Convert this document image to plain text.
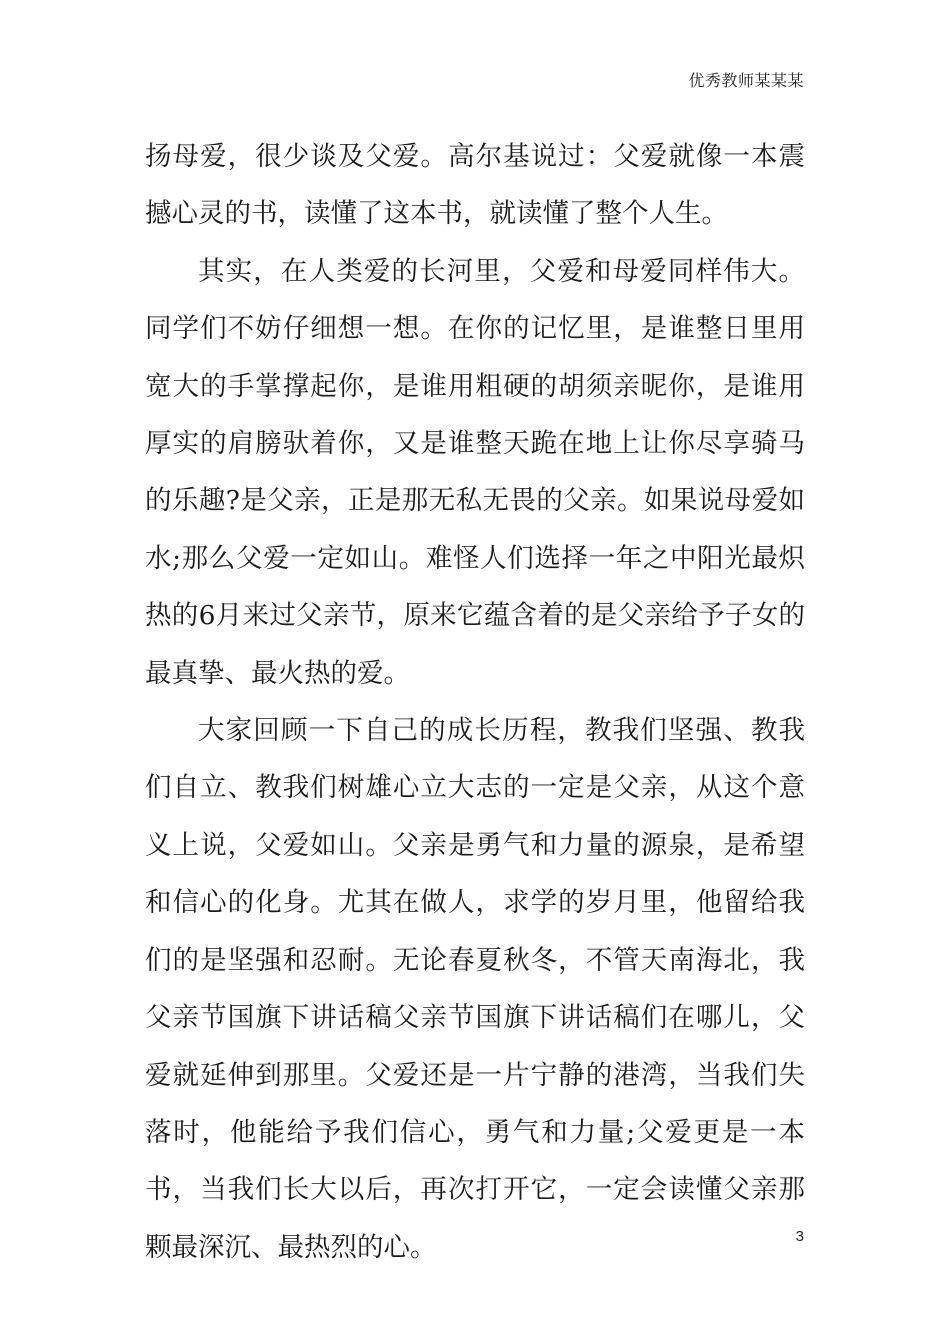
优秀教师某某某

扬母爱，很少谈及父爱。高尔基说过：父爱就像一本震撼心灵的书，读懂了这本书，就读懂了整个人生。

其实，在人类爱的长河里，父爱和母爱同样伟大。同学们不妨仔细想一想。在你的记忆里，是谁整日里用宽大的手掌撑起你，是谁用粗硬的胡须亲昵你，是谁用厚实的肩膀驮着你，又是谁整天跪在地上让你尽享骑马的乐趣?是父亲，正是那无私无畏的父亲。如果说母爱如水;那么父爱一定如山。难怪人们选择一年之中阳光最炽热的6月来过父亲节，原来它蕴含着的是父亲给予子女的最真挚、最火热的爱。

大家回顾一下自己的成长历程，教我们坚强、教我们自立、教我们树雄心立大志的一定是父亲，从这个意义上说，父爱如山。父亲是勇气和力量的源泉，是希望和信心的化身。尤其在做人，求学的岁月里，他留给我们的是坚强和忍耐。无论春夏秋冬，不管天南海北，我父亲节国旗下讲话稿父亲节国旗下讲话稿们在哪儿，父爱就延伸到那里。父爱还是一片宁静的港湾，当我们失落时，他能给予我们信心，勇气和力量;父爱更是一本书，当我们长大以后，再次打开它，一定会读懂父亲那颗最深沉、最热烈的心。	3
